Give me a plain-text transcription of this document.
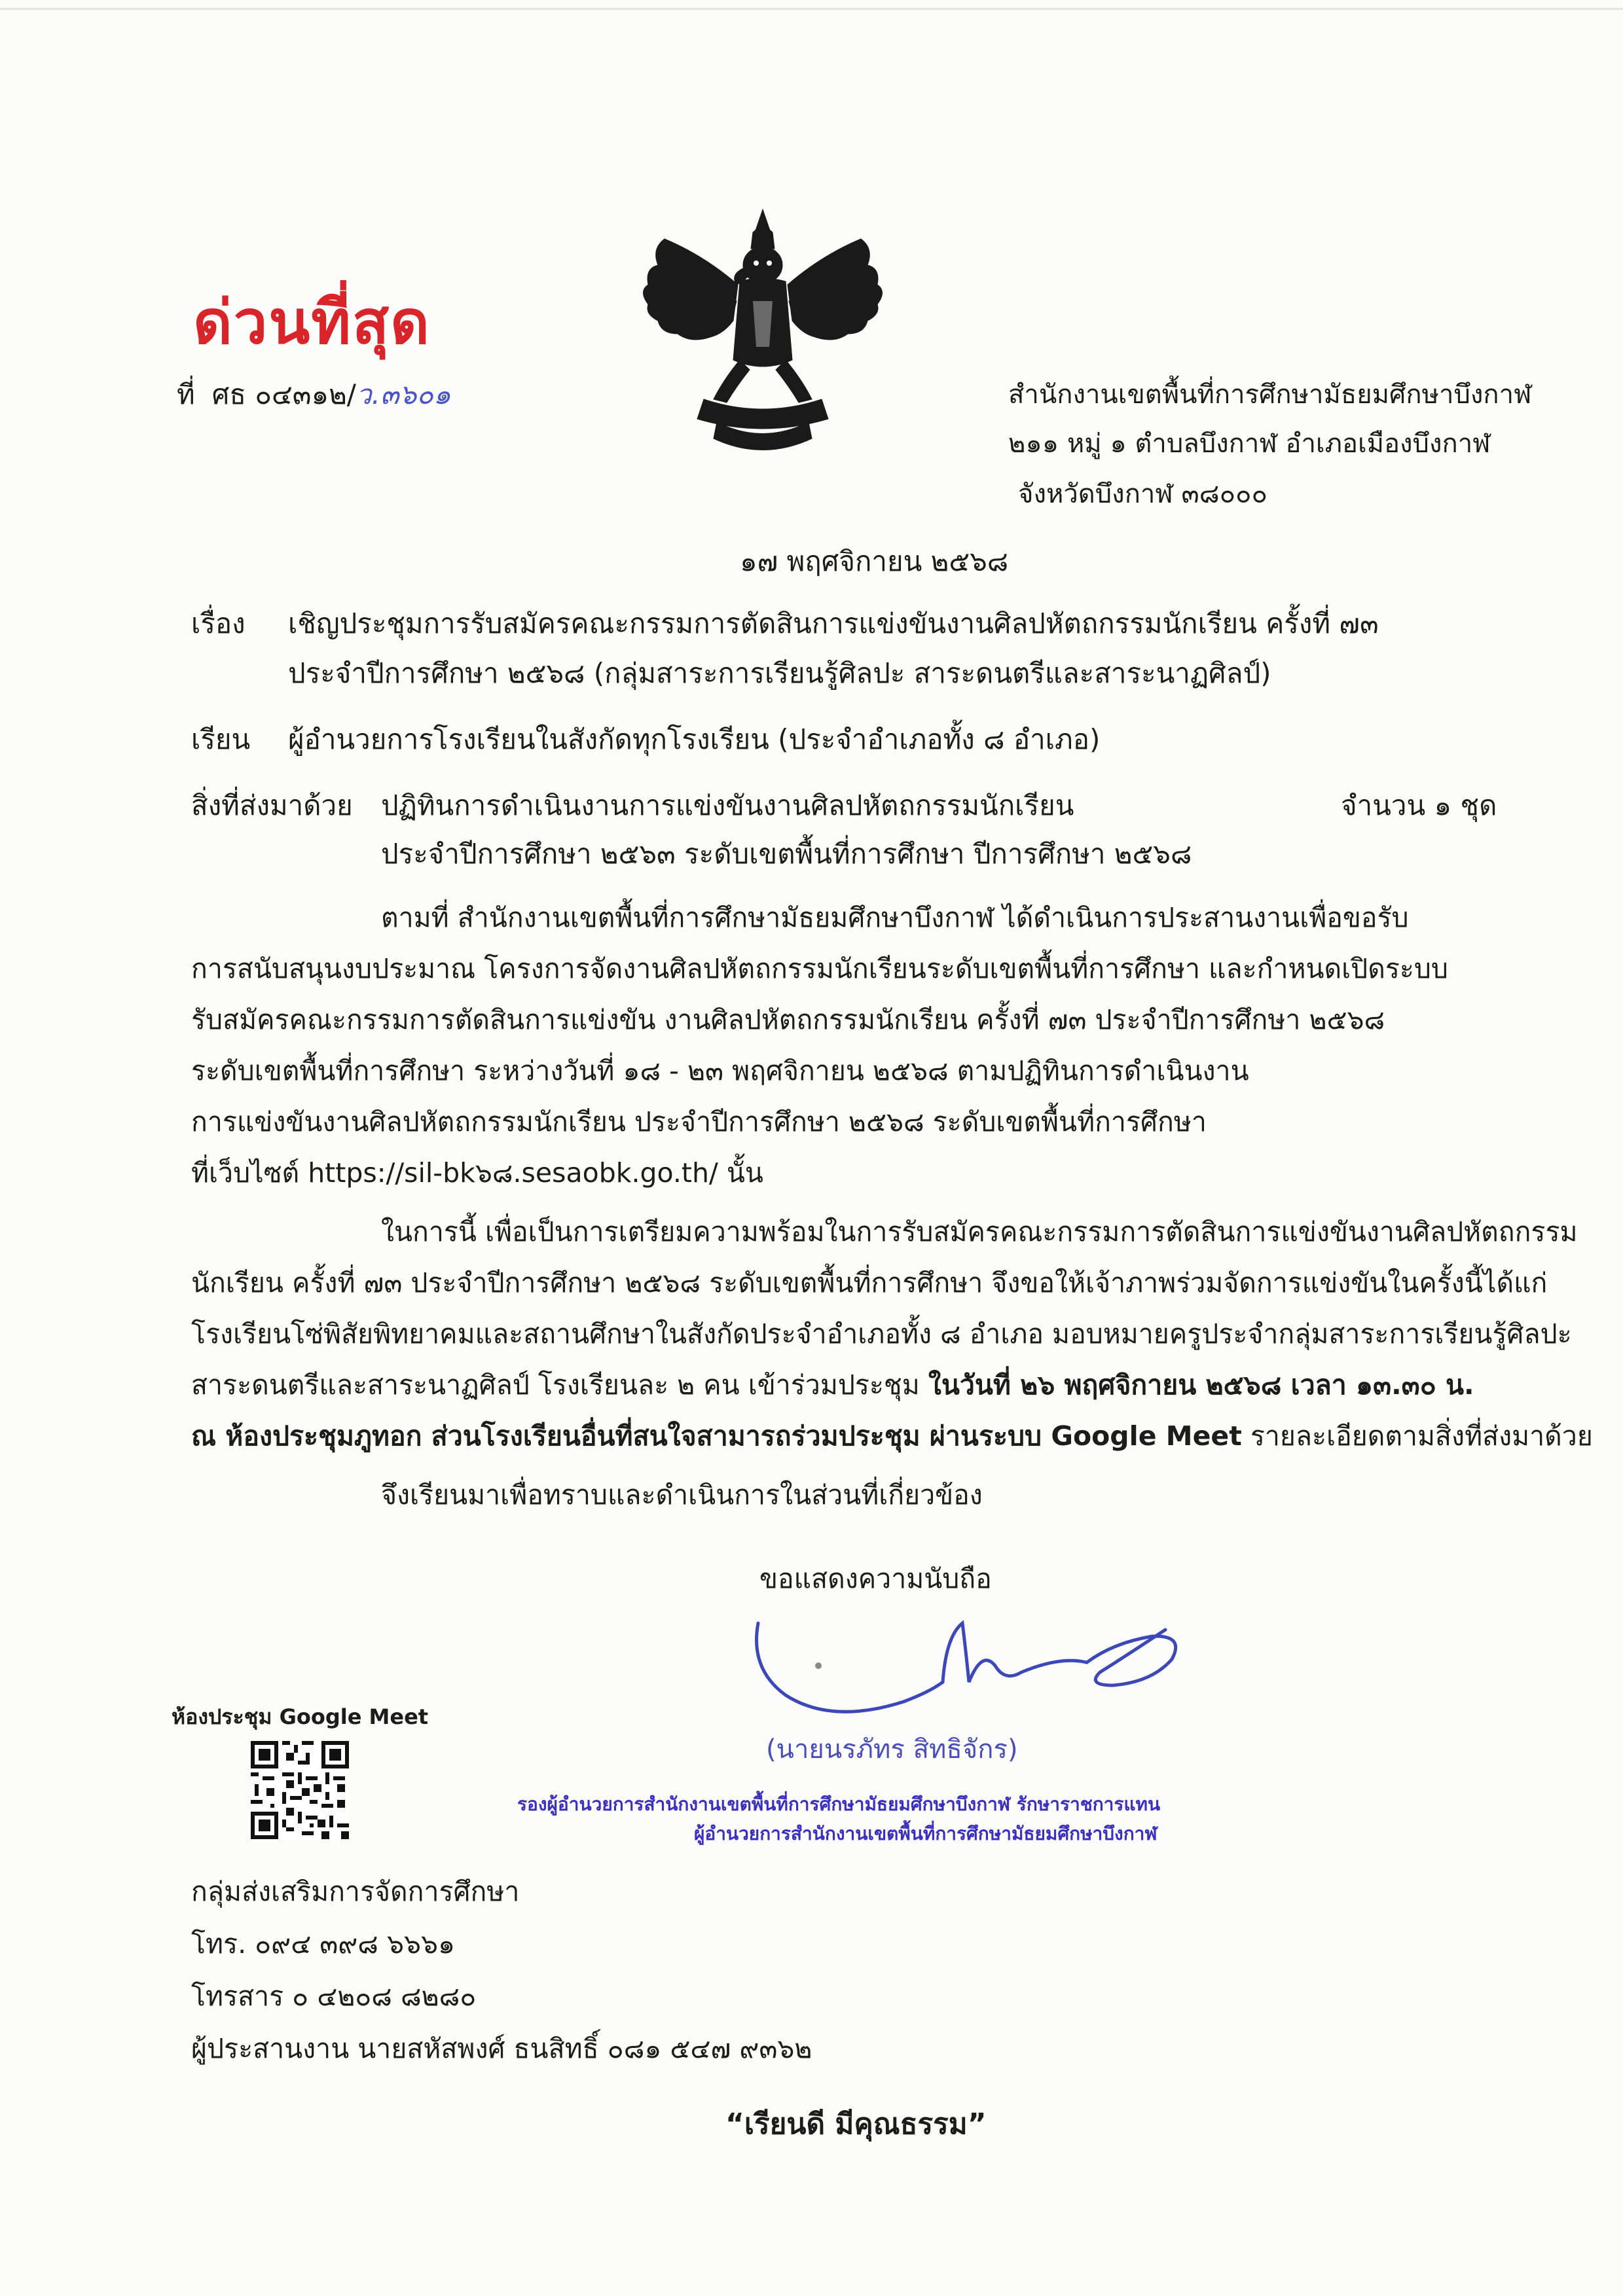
ด่วนที่สุด
ที่ ศธ ๐๔๓๑๒/ว.๓๖๐๑	สำนักงานเขตพื้นที่การศึกษามัธยมศึกษาบึงกาฬ
๒๑๑ หมู่ ๑ ตำบลบึงกาฬ อำเภอเมืองบึงกาฬ
จังหวัดบึงกาฬ ๓๘๐๐๐
๑๗ พฤศจิกายน ๒๕๖๘
เรื่อง เชิญประชุมการรับสมัครคณะกรรมการตัดสินการแข่งขันงานศิลปหัตถกรรมนักเรียน ครั้งที่ ๗๓
ประจำปีการศึกษา ๒๕๖๘ (กลุ่มสาระการเรียนรู้ศิลปะ สาระดนตรีและสาระนาฏศิลป์)
เรียน ผู้อำนวยการโรงเรียนในสังกัดทุกโรงเรียน (ประจำอำเภอทั้ง ๘ อำเภอ)
สิ่งที่ส่งมาด้วย ปฏิทินการดำเนินงานการแข่งขันงานศิลปหัตถกรรมนักเรียน	จำนวน ๑ ชุด
ประจำปีการศึกษา ๒๕๖๓ ระดับเขตพื้นที่การศึกษา ปีการศึกษา ๒๕๖๘
ตามที่ สำนักงานเขตพื้นที่การศึกษามัธยมศึกษาบึงกาฬ ได้ดำเนินการประสานงานเพื่อขอรับ
การสนับสนุนงบประมาณ โครงการจัดงานศิลปหัตถกรรมนักเรียนระดับเขตพื้นที่การศึกษา และกำหนดเปิดระบบ
รับสมัครคณะกรรมการตัดสินการแข่งขัน งานศิลปหัตถกรรมนักเรียน ครั้งที่ ๗๓ ประจำปีการศึกษา ๒๕๖๘
ระดับเขตพื้นที่การศึกษา ระหว่างวันที่ ๑๘ - ๒๓ พฤศจิกายน ๒๕๖๘ ตามปฏิทินการดำเนินงาน
การแข่งขันงานศิลปหัตถกรรมนักเรียน ประจำปีการศึกษา ๒๕๖๘ ระดับเขตพื้นที่การศึกษา
ที่เว็บไซต์ https://sil-bk๖๘.sesaobk.go.th/ นั้น
ในการนี้ เพื่อเป็นการเตรียมความพร้อมในการรับสมัครคณะกรรมการตัดสินการแข่งขันงานศิลปหัตถกรรม
นักเรียน ครั้งที่ ๗๓ ประจำปีการศึกษา ๒๕๖๘ ระดับเขตพื้นที่การศึกษา จึงขอให้เจ้าภาพร่วมจัดการแข่งขันในครั้งนี้ได้แก่
โรงเรียนโซ่พิสัยพิทยาคมและสถานศึกษาในสังกัดประจำอำเภอทั้ง ๘ อำเภอ มอบหมายครูประจำกลุ่มสาระการเรียนรู้ศิลปะ
สาระดนตรีและสาระนาฏศิลป์ โรงเรียนละ ๒ คน เข้าร่วมประชุม ในวันที่ ๒๖ พฤศจิกายน ๒๕๖๘ เวลา ๑๓.๓๐ น.
ณ ห้องประชุมภูทอก ส่วนโรงเรียนอื่นที่สนใจสามารถร่วมประชุม ผ่านระบบ Google Meet รายละเอียดตามสิ่งที่ส่งมาด้วย
จึงเรียนมาเพื่อทราบและดำเนินการในส่วนที่เกี่ยวข้อง
ขอแสดงความนับถือ
(นายนรภัทร สิทธิจักร)
รองผู้อำนวยการสำนักงานเขตพื้นที่การศึกษามัธยมศึกษาบึงกาฬ รักษาราชการแทน
ผู้อำนวยการสำนักงานเขตพื้นที่การศึกษามัธยมศึกษาบึงกาฬ
ห้องประชุม Google Meet
กลุ่มส่งเสริมการจัดการศึกษา
โทร. ๐๙๔ ๓๙๘ ๖๖๖๑
โทรสาร ๐ ๔๒๐๘ ๘๒๘๐
ผู้ประสานงาน นายสหัสพงศ์ ธนสิทธิ์ ๐๘๑ ๕๔๗ ๙๓๖๒
“เรียนดี มีคุณธรรม”
